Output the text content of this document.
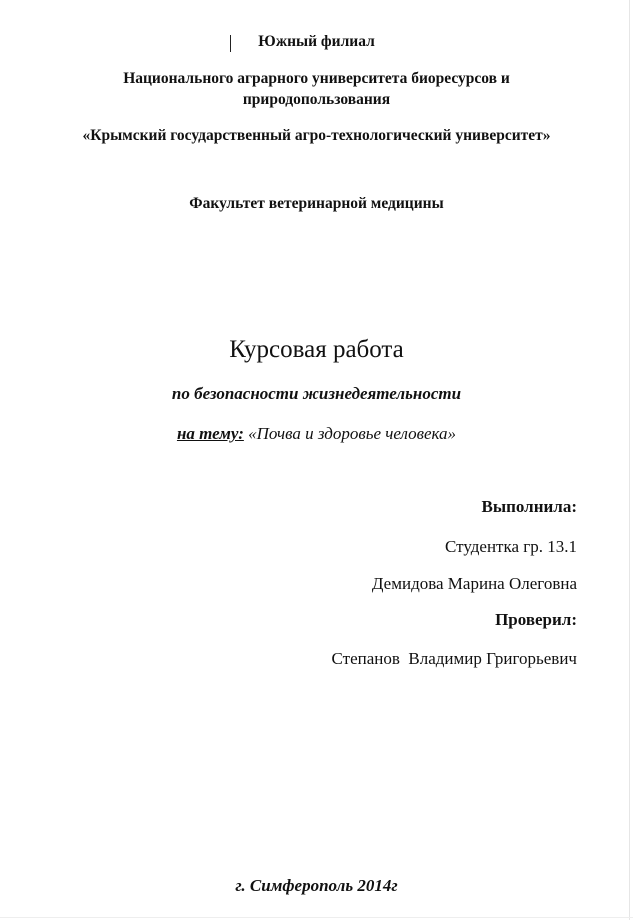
Южный филиал
Национального аграрного университета биоресурсов и
природопользования
«Крымский государственный агро-технологический университет»
Факультет ветеринарной медицины
Курсовая работа
по безопасности жизнедеятельности
на тему: «Почва и здоровье человека»
Выполнила:
Студентка гр. 13.1
Демидова Марина Олеговна
Проверил:
Степанов  Владимир Григорьевич
г. Симферополь 2014г
